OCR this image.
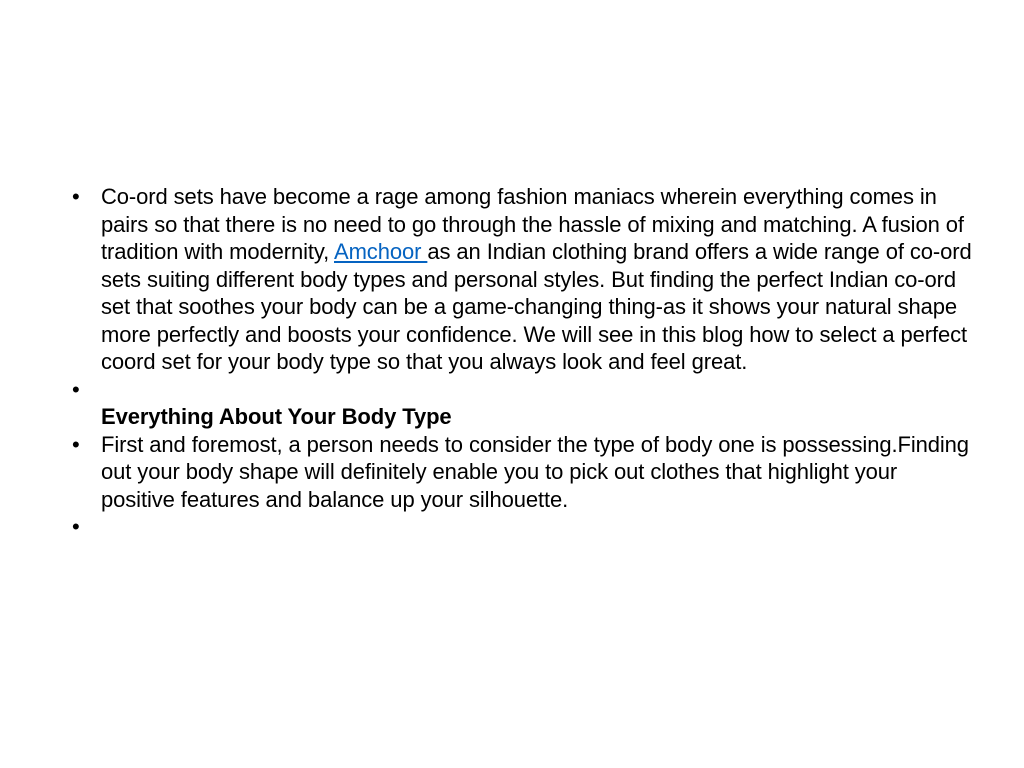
• Co-ord sets have become a rage among fashion maniacs wherein everything comes in pairs so that there is no need to go through the hassle of mixing and matching. A fusion of tradition with modernity, Amchoor as an Indian clothing brand offers a wide range of co-ord sets suiting different body types and personal styles. But finding the perfect Indian co-ord set that soothes your body can be a game-changing thing-as it shows your natural shape more perfectly and boosts your confidence. We will see in this blog how to select a perfect coord set for your body type so that you always look and feel great.
•
Everything About Your Body Type
• First and foremost, a person needs to consider the type of body one is possessing.Finding out your body shape will definitely enable you to pick out clothes that highlight your positive features and balance up your silhouette.
•
